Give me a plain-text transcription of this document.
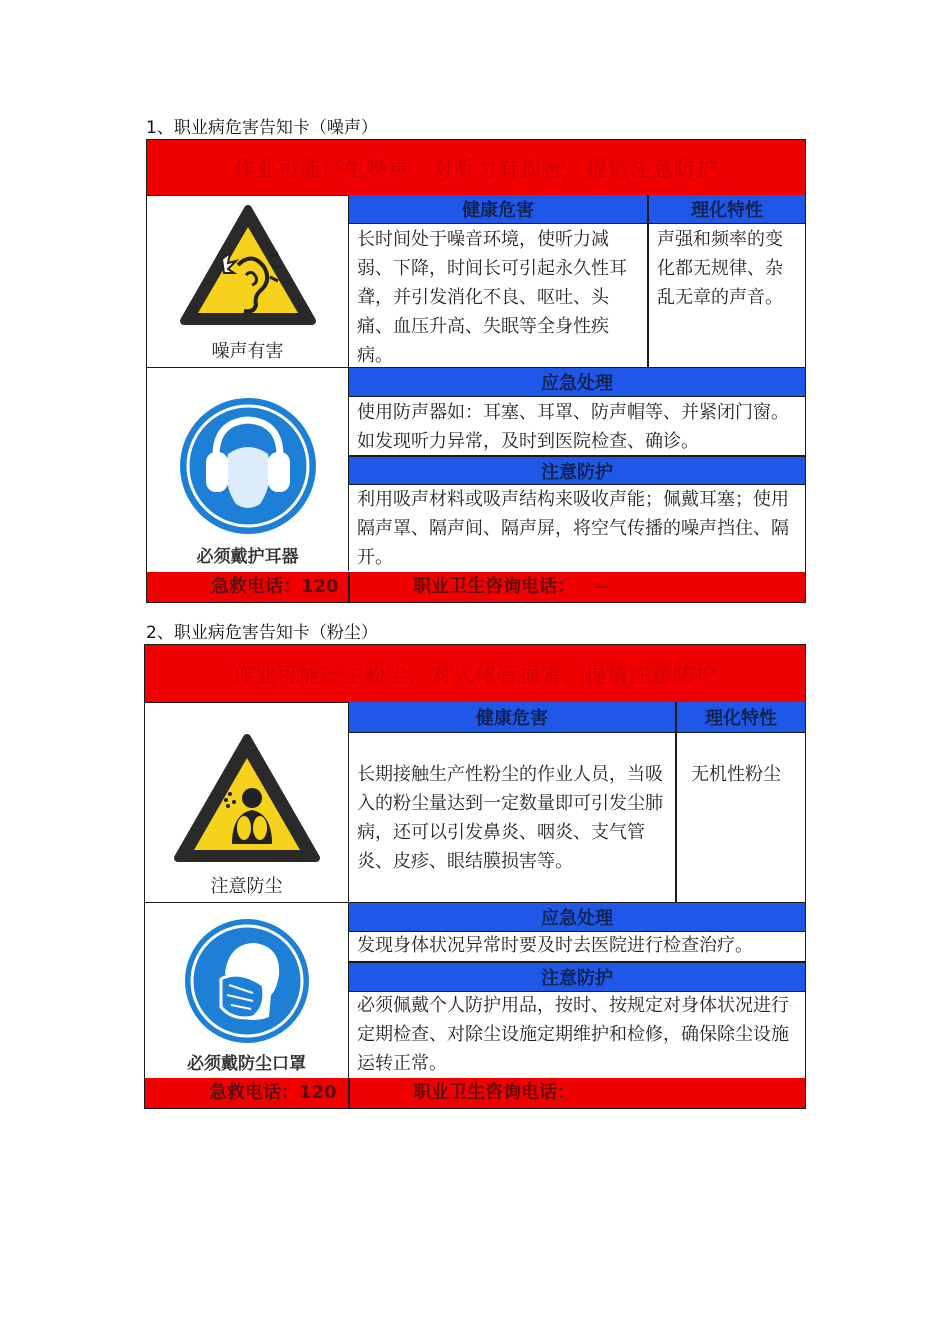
1、职业病危害告知卡（噪声）
作业可能产生噪声，对听力有损害，提请注意防护
噪声有害
健康危害	理化特性
长时间处于噪音环境，使听力减弱、下降，时间长可引起永久性耳聋，并引发消化不良、呕吐、头痛、血压升高、失眠等全身性疾病。
声强和频率的变化都无规律、杂乱无章的声音。
必须戴护耳器
应急处理
使用防声器如：耳塞、耳罩、防声帽等、并紧闭门窗。如发现听力异常，及时到医院检查、确诊。
注意防护
利用吸声材料或吸声结构来吸收声能；佩戴耳塞；使用隔声罩、隔声间、隔声屏，将空气传播的噪声挡住、隔开。
急救电话：120	职业卫生咨询电话： —
2、职业病危害告知卡（粉尘）
作业可能产生粉尘，对人体有损害，提请注意防护
注意防尘
健康危害	理化特性
长期接触生产性粉尘的作业人员，当吸入的粉尘量达到一定数量即可引发尘肺病，还可以引发鼻炎、咽炎、支气管炎、皮疹、眼结膜损害等。
无机性粉尘
必须戴防尘口罩
应急处理
发现身体状况异常时要及时去医院进行检查治疗。
注意防护
必须佩戴个人防护用品，按时、按规定对身体状况进行定期检查、对除尘设施定期维护和检修，确保除尘设施运转正常。
急救电话：120	职业卫生咨询电话：
